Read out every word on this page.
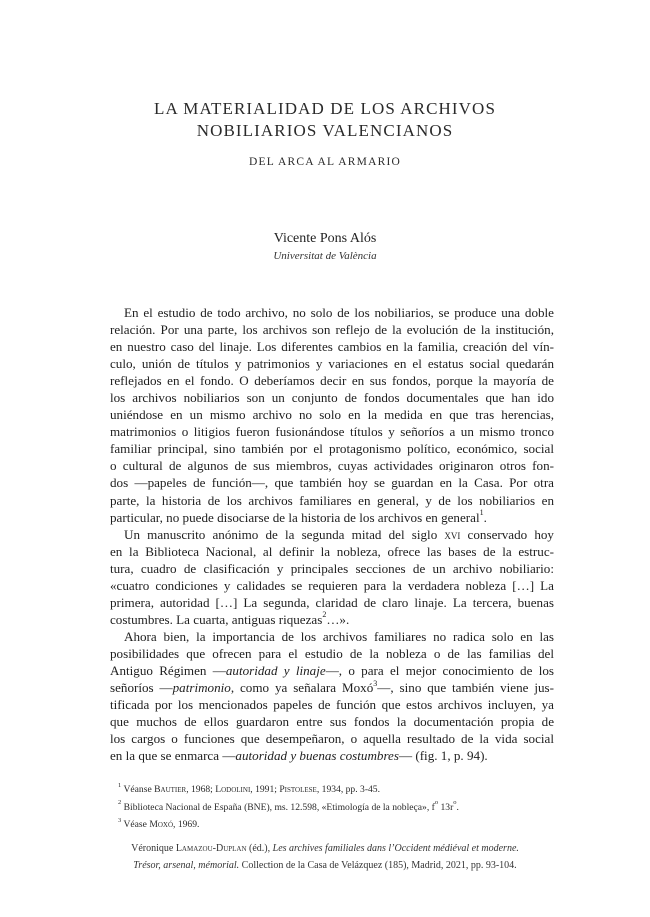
LA MATERIALIDAD DE LOS ARCHIVOS
NOBILIARIOS VALENCIANOS
DEL ARCA AL ARMARIO
Vicente Pons Alós
Universitat de València
En el estudio de todo archivo, no solo de los nobiliarios, se produce una doble
relación. Por una parte, los archivos son reflejo de la evolución de la institución,
en nuestro caso del linaje. Los diferentes cambios en la familia, creación del vín-
culo, unión de títulos y patrimonios y variaciones en el estatus social quedarán
reflejados en el fondo. O deberíamos decir en sus fondos, porque la mayoría de
los archivos nobiliarios son un conjunto de fondos documentales que han ido
uniéndose en un mismo archivo no solo en la medida en que tras herencias,
matrimonios o litigios fueron fusionándose títulos y señoríos a un mismo tronco
familiar principal, sino también por el protagonismo político, económico, social
o cultural de algunos de sus miembros, cuyas actividades originaron otros fon-
dos —papeles de función—, que también hoy se guardan en la Casa. Por otra
parte, la historia de los archivos familiares en general, y de los nobiliarios en
particular, no puede disociarse de la historia de los archivos en general$^1$.
Un manuscrito anónimo de la segunda mitad del siglo xvi conservado hoy
en la Biblioteca Nacional, al definir la nobleza, ofrece las bases de la estruc-
tura, cuadro de clasificación y principales secciones de un archivo nobiliario:
«cuatro condiciones y calidades se requieren para la verdadera nobleza […] La
primera, autoridad […] La segunda, claridad de claro linaje. La tercera, buenas
costumbres. La cuarta, antiguas riquezas$^2$…».
Ahora bien, la importancia de los archivos familiares no radica solo en las
posibilidades que ofrecen para el estudio de la nobleza o de las familias del
Antiguo Régimen —autoridad y linaje—, o para el mejor conocimiento de los
señoríos —patrimonio, como ya señalara Moxó$^3$—, sino que también viene jus-
tificada por los mencionados papeles de función que estos archivos incluyen, ya
que muchos de ellos guardaron entre sus fondos la documentación propia de
los cargos o funciones que desempeñaron, o aquella resultado de la vida social
en la que se enmarca —autoridad y buenas costumbres— (fig. 1, p. 94).
$^1$ Véanse Bautier, 1968; Lodolini, 1991; Pistolese, 1934, pp. 3-45.
$^2$ Biblioteca Nacional de España (BNE), ms. 12.598, «Etimología de la nobleça», $f^o$ $13r^o$.
$^3$ Véase Moxó, 1969.
Véronique Lamazou-Duplan (éd.), Les archives familiales dans l’Occident médiéval et moderne.
Trésor, arsenal, mémorial. Collection de la Casa de Velázquez (185), Madrid, 2021, pp. 93-104.
